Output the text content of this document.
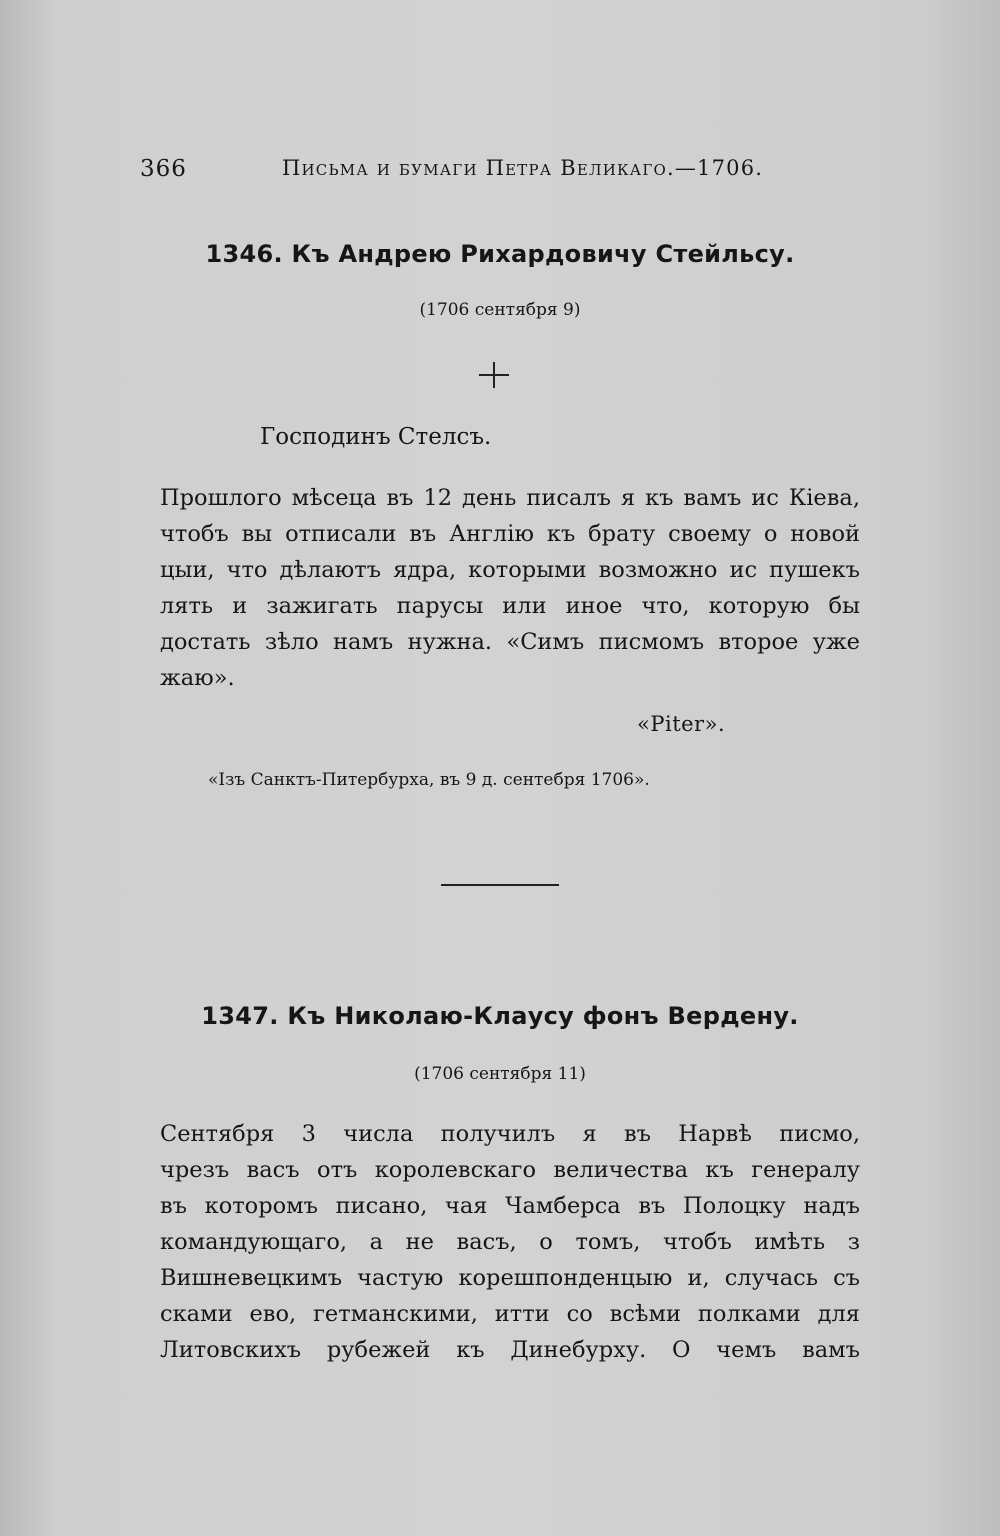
366	Письма и бумаги Петра Великаго.—1706.
1346. Къ Андрею Рихардовичу Стейльсу.
(1706 сентября 9)
Господинъ Стелсъ.
Прошлого мѣсеца въ 12 день писалъ я къ вамъ ис Кіева,
чтобъ вы отписали въ Англію къ брату своему о новой
цыи, что дѣлаютъ ядра, которыми возможно ис пушекъ
лять и зажигать парусы или иное что, которую бы
достать зѣло намъ нужна. «Симъ писмомъ второе уже
жаю».
«Piter».
«Ізъ Санктъ-Питербурха, въ 9 д. сентебря 1706».
1347. Къ Николаю-Клаусу фонъ Вердену.
(1706 сентября 11)
Сентября 3 числа получилъ я въ Нарвѣ писмо,
чрезъ васъ отъ королевскаго величества къ генералу
въ которомъ писано, чая Чамберса въ Полоцку надъ
командующаго, а не васъ, о томъ, чтобъ имѣть з
Вишневецкимъ частую корешпонденцыю и, случась съ
сками ево, гетманскими, итти со всѣми полками для
Литовскихъ рубежей къ Динебурху. О чемъ вамъ
